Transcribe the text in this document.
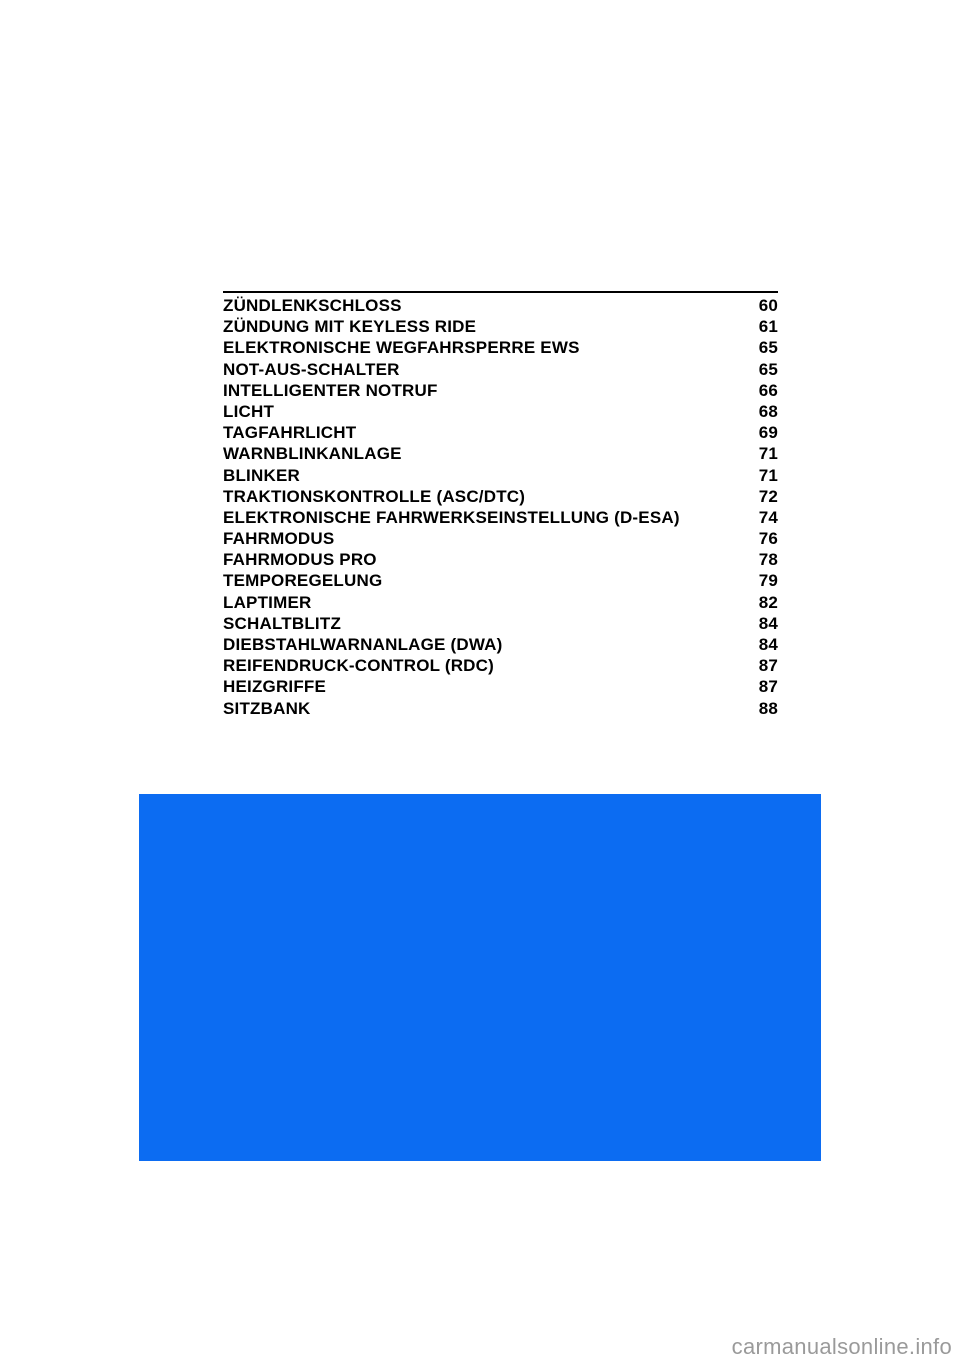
ZÜNDLENKSCHLOSS	60
ZÜNDUNG MIT KEYLESS RIDE	61
ELEKTRONISCHE WEGFAHRSPERRE EWS	65
NOT-AUS-SCHALTER	65
INTELLIGENTER NOTRUF	66
LICHT	68
TAGFAHRLICHT	69
WARNBLINKANLAGE	71
BLINKER	71
TRAKTIONSKONTROLLE (ASC/DTC)	72
ELEKTRONISCHE FAHRWERKSEINSTELLUNG (D-ESA)	74
FAHRMODUS	76
FAHRMODUS PRO	78
TEMPOREGELUNG	79
LAPTIMER	82
SCHALTBLITZ	84
DIEBSTAHLWARNANLAGE (DWA)	84
REIFENDRUCK-CONTROL (RDC)	87
HEIZGRIFFE	87
SITZBANK	88
carmanualsonline.info
